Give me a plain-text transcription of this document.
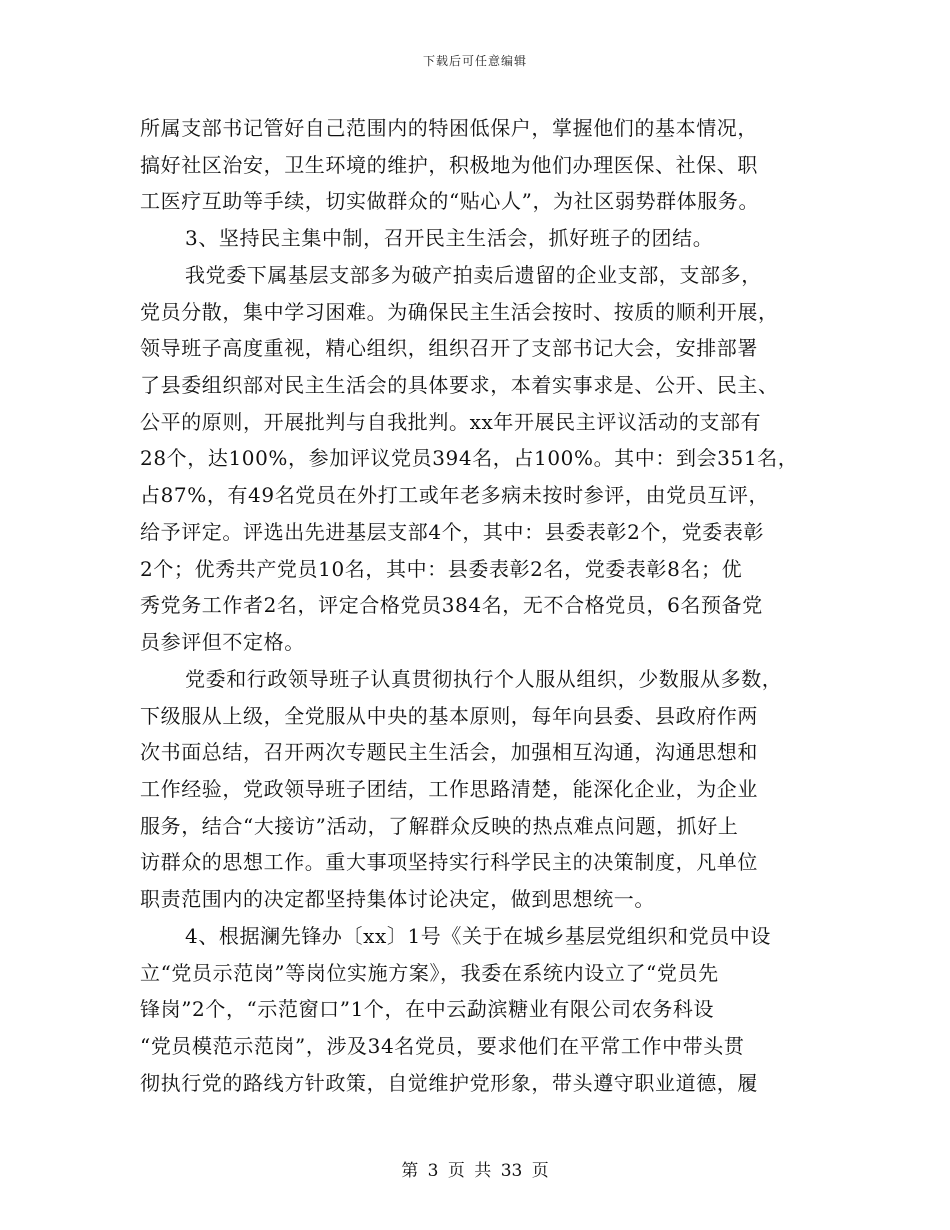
下载后可任意编辑
所属支部书记管好自己范围内的特困低保户，掌握他们的基本情况，
搞好社区治安，卫生环境的维护，积极地为他们办理医保、社保、职
工医疗互助等手续，切实做群众的“贴心人”，为社区弱势群体服务。
3、坚持民主集中制，召开民主生活会，抓好班子的团结。
我党委下属基层支部多为破产拍卖后遗留的企业支部，支部多，
党员分散，集中学习困难。为确保民主生活会按时、按质的顺利开展，
领导班子高度重视，精心组织，组织召开了支部书记大会，安排部署
了县委组织部对民主生活会的具体要求，本着实事求是、公开、民主、
公平的原则，开展批判与自我批判。xx年开展民主评议活动的支部有
28个，达100%，参加评议党员394名，占100%。其中：到会351名，
占87%，有49名党员在外打工或年老多病未按时参评，由党员互评，
给予评定。评选出先进基层支部4个，其中：县委表彰2个，党委表彰
2个；优秀共产党员10名，其中：县委表彰2名，党委表彰8名；优
秀党务工作者2名，评定合格党员384名，无不合格党员，6名预备党
员参评但不定格。
党委和行政领导班子认真贯彻执行个人服从组织，少数服从多数，
下级服从上级，全党服从中央的基本原则，每年向县委、县政府作两
次书面总结，召开两次专题民主生活会，加强相互沟通，沟通思想和
工作经验，党政领导班子团结，工作思路清楚，能深化企业，为企业
服务，结合“大接访”活动，了解群众反映的热点难点问题，抓好上
访群众的思想工作。重大事项坚持实行科学民主的决策制度，凡单位
职责范围内的决定都坚持集体讨论决定，做到思想统一。
4、根据澜先锋办〔xx〕1号《关于在城乡基层党组织和党员中设
立“党员示范岗”等岗位实施方案》，我委在系统内设立了“党员先
锋岗”2个，“示范窗口”1个，在中云勐滨糖业有限公司农务科设
“党员模范示范岗”，涉及34名党员，要求他们在平常工作中带头贯
彻执行党的路线方针政策，自觉维护党形象，带头遵守职业道德，履
第 3 页 共 33 页
